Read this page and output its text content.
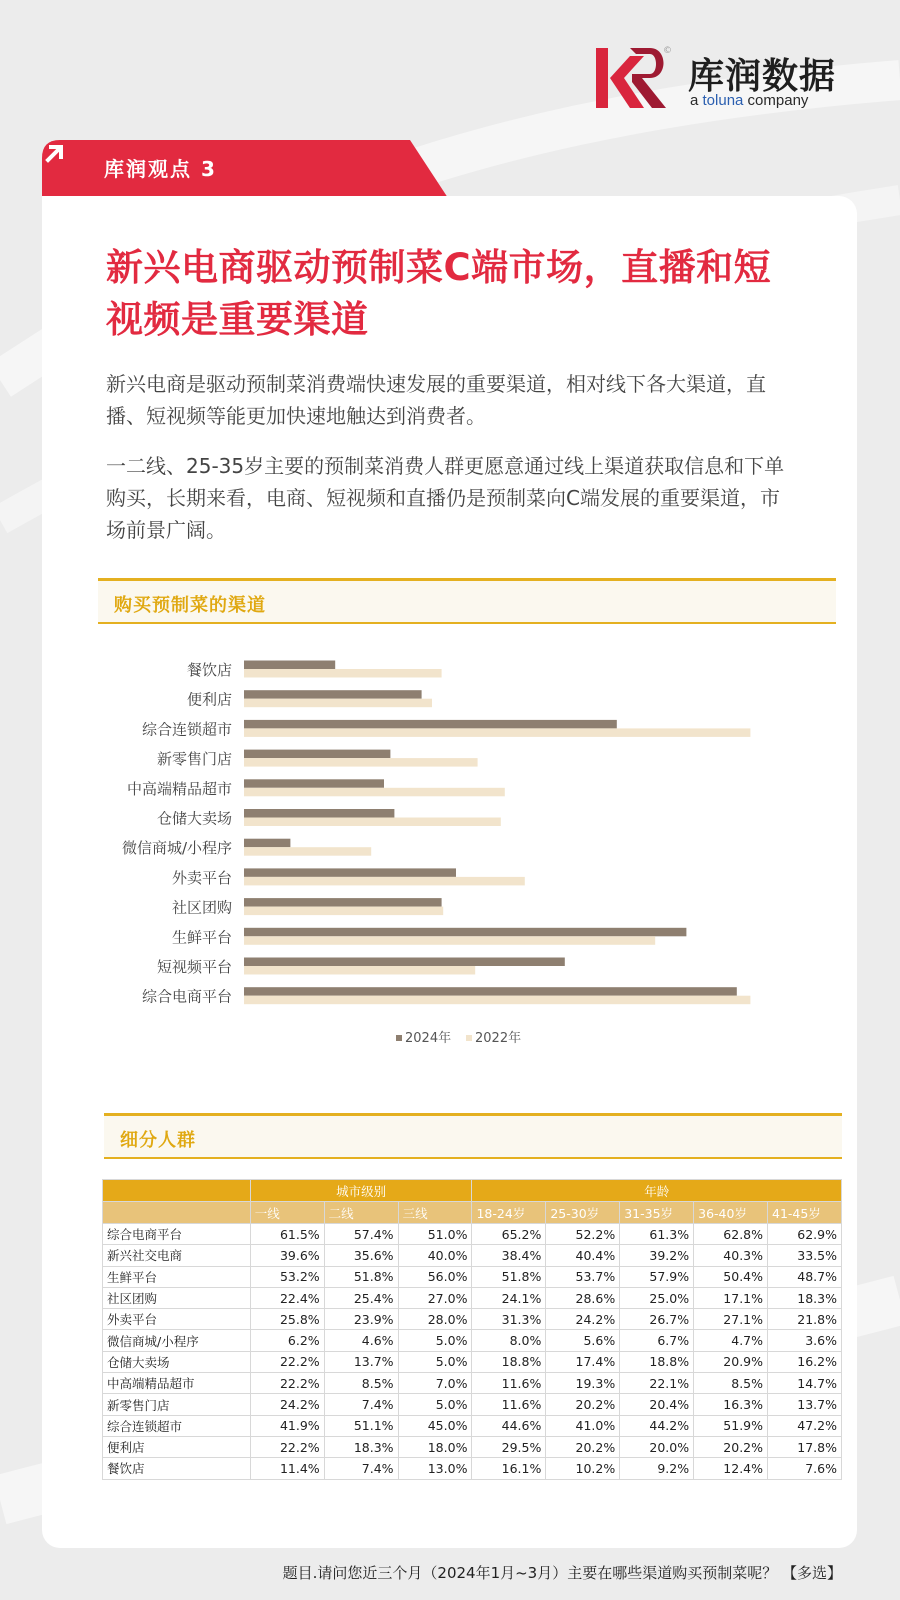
©
库润数据
a toluna company
库润观点 3
新兴电商驱动预制菜C端市场，直播和短视频是重要渠道
新兴电商是驱动预制菜消费端快速发展的重要渠道，相对线下各大渠道，直播、短视频等能更加快速地触达到消费者。
一二线、25-35岁主要的预制菜消费人群更愿意通过线上渠道获取信息和下单购买，长期来看，电商、短视频和直播仍是预制菜向C端发展的重要渠道，市场前景广阔。
购买预制菜的渠道
餐饮店
便利店
综合连锁超市
新零售门店
中高端精品超市
仓储大卖场
微信商城/小程序
外卖平台
社区团购
生鲜平台
短视频平台
综合电商平台
2024年 2022年
细分人群
	城市级别			年龄				
	一线	二线	三线	18-24岁	25-30岁	31-35岁	36-40岁	41-45岁
综合电商平台	61.5%	57.4%	51.0%	65.2%	52.2%	61.3%	62.8%	62.9%
新兴社交电商	39.6%	35.6%	40.0%	38.4%	40.4%	39.2%	40.3%	33.5%
生鲜平台	53.2%	51.8%	56.0%	51.8%	53.7%	57.9%	50.4%	48.7%
社区团购	22.4%	25.4%	27.0%	24.1%	28.6%	25.0%	17.1%	18.3%
外卖平台	25.8%	23.9%	28.0%	31.3%	24.2%	26.7%	27.1%	21.8%
微信商城/小程序	6.2%	4.6%	5.0%	8.0%	5.6%	6.7%	4.7%	3.6%
仓储大卖场	22.2%	13.7%	5.0%	18.8%	17.4%	18.8%	20.9%	16.2%
中高端精品超市	22.2%	8.5%	7.0%	11.6%	19.3%	22.1%	8.5%	14.7%
新零售门店	24.2%	7.4%	5.0%	11.6%	20.2%	20.4%	16.3%	13.7%
综合连锁超市	41.9%	51.1%	45.0%	44.6%	41.0%	44.2%	51.9%	47.2%
便利店	22.2%	18.3%	18.0%	29.5%	20.2%	20.0%	20.2%	17.8%
餐饮店	11.4%	7.4%	13.0%	16.1%	10.2%	9.2%	12.4%	7.6%
题目.请问您近三个月（2024年1月~3月）主要在哪些渠道购买预制菜呢？ 【多选】
